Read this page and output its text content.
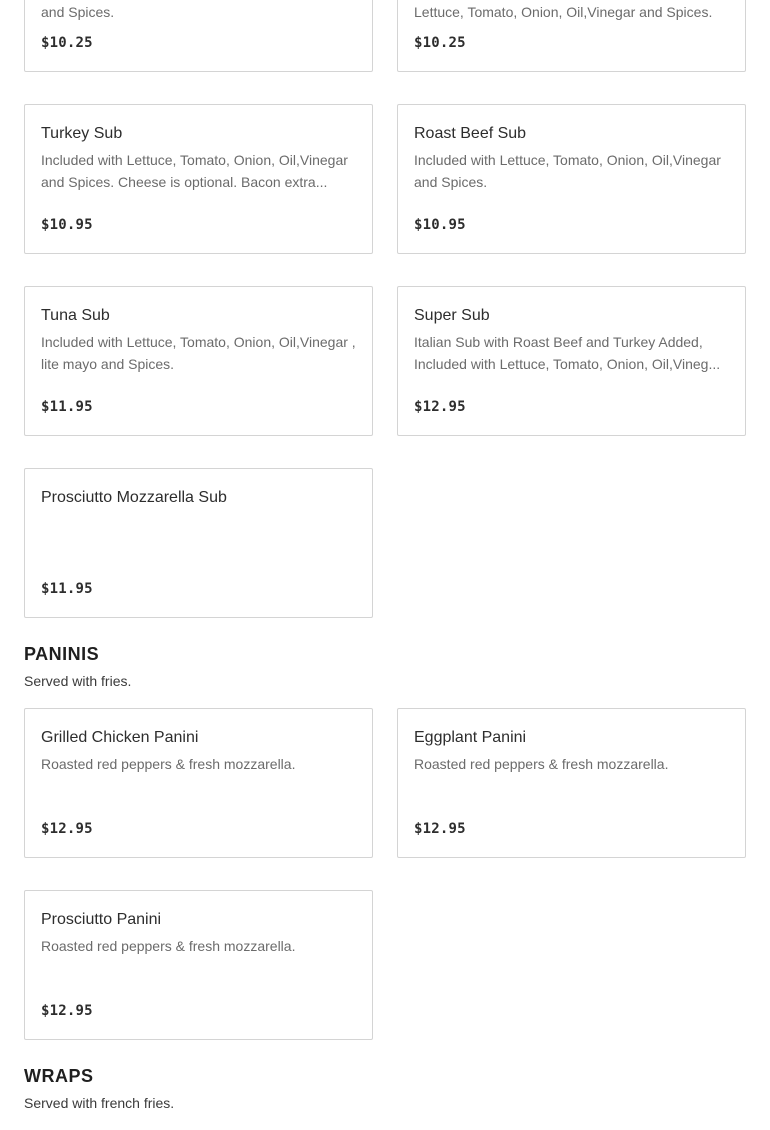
and Spices.
$10.25
Lettuce, Tomato, Onion, Oil,Vinegar and Spices.
$10.25
Turkey Sub
Included with Lettuce, Tomato, Onion, Oil,Vinegar and Spices. Cheese is optional. Bacon extra...
$10.95
Roast Beef Sub
Included with Lettuce, Tomato, Onion, Oil,Vinegar and Spices.
$10.95
Tuna Sub
Included with Lettuce, Tomato, Onion, Oil,Vinegar , lite mayo and Spices.
$11.95
Super Sub
Italian Sub with Roast Beef and Turkey Added, Included with Lettuce, Tomato, Onion, Oil,Vineg...
$12.95
Prosciutto Mozzarella Sub
$11.95
PANINIS
Served with fries.
Grilled Chicken Panini
Roasted red peppers & fresh mozzarella.
$12.95
Eggplant Panini
Roasted red peppers & fresh mozzarella.
$12.95
Prosciutto Panini
Roasted red peppers & fresh mozzarella.
$12.95
WRAPS
Served with french fries.
